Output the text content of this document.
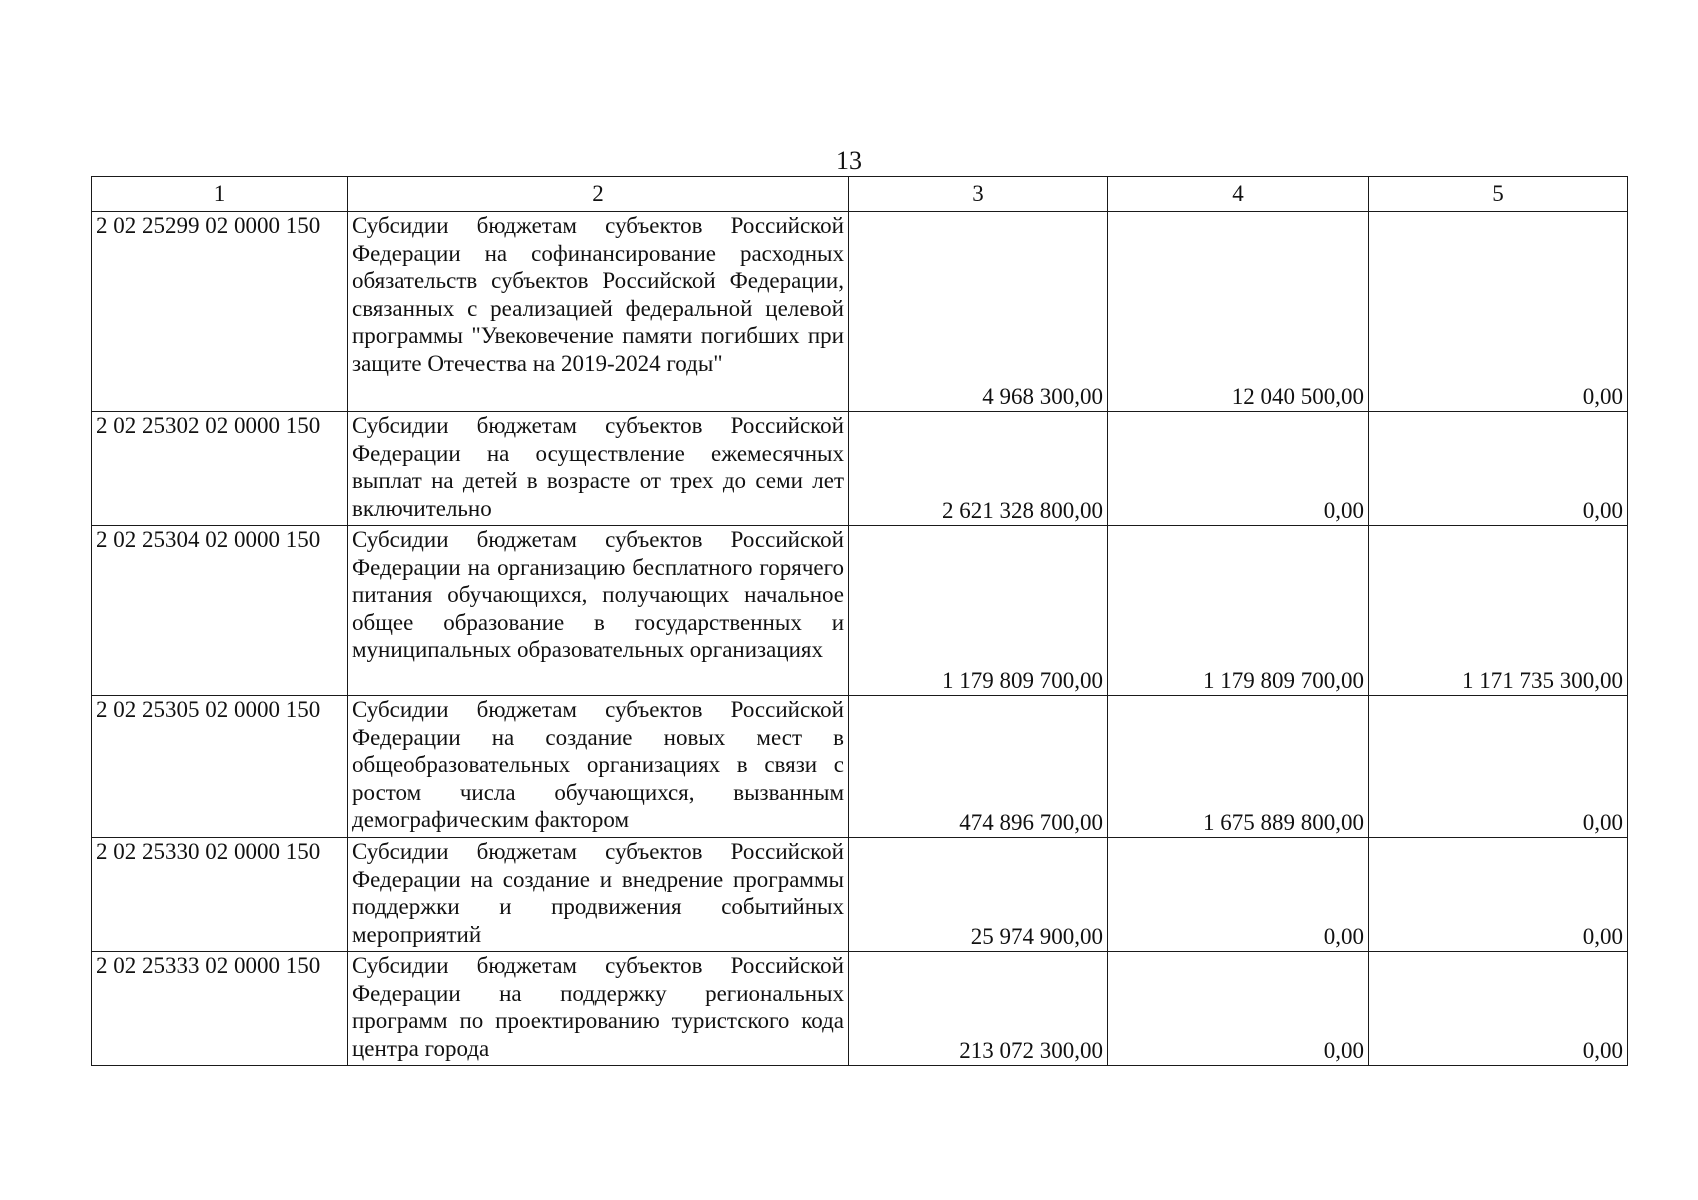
13
1	2	3	4	5
2 02 25299 02 0000 150	Субсидии бюджетам субъектов Российской Федерации на софинансирование расходных обязательств субъектов Российской Федерации, связанных с реализацией федеральной целевой программы "Увековечение памяти погибших при защите Отечества на 2019-2024 годы"	4 968 300,00	12 040 500,00	0,00
2 02 25302 02 0000 150	Субсидии бюджетам субъектов Российской Федерации на осуществление ежемесячных выплат на детей в возрасте от трех до семи лет включительно	2 621 328 800,00	0,00	0,00
2 02 25304 02 0000 150	Субсидии бюджетам субъектов Российской Федерации на организацию бесплатного горячего питания обучающихся, получающих начальное общее образование в государственных и муниципальных образовательных организациях	1 179 809 700,00	1 179 809 700,00	1 171 735 300,00
2 02 25305 02 0000 150	Субсидии бюджетам субъектов Российской Федерации на создание новых мест в общеобразовательных организациях в связи с ростом числа обучающихся, вызванным демографическим фактором	474 896 700,00	1 675 889 800,00	0,00
2 02 25330 02 0000 150	Субсидии бюджетам субъектов Российской Федерации на создание и внедрение программы поддержки и продвижения событийных мероприятий	25 974 900,00	0,00	0,00
2 02 25333 02 0000 150	Субсидии бюджетам субъектов Российской Федерации на поддержку региональных программ по проектированию туристского кода центра города	213 072 300,00	0,00	0,00
